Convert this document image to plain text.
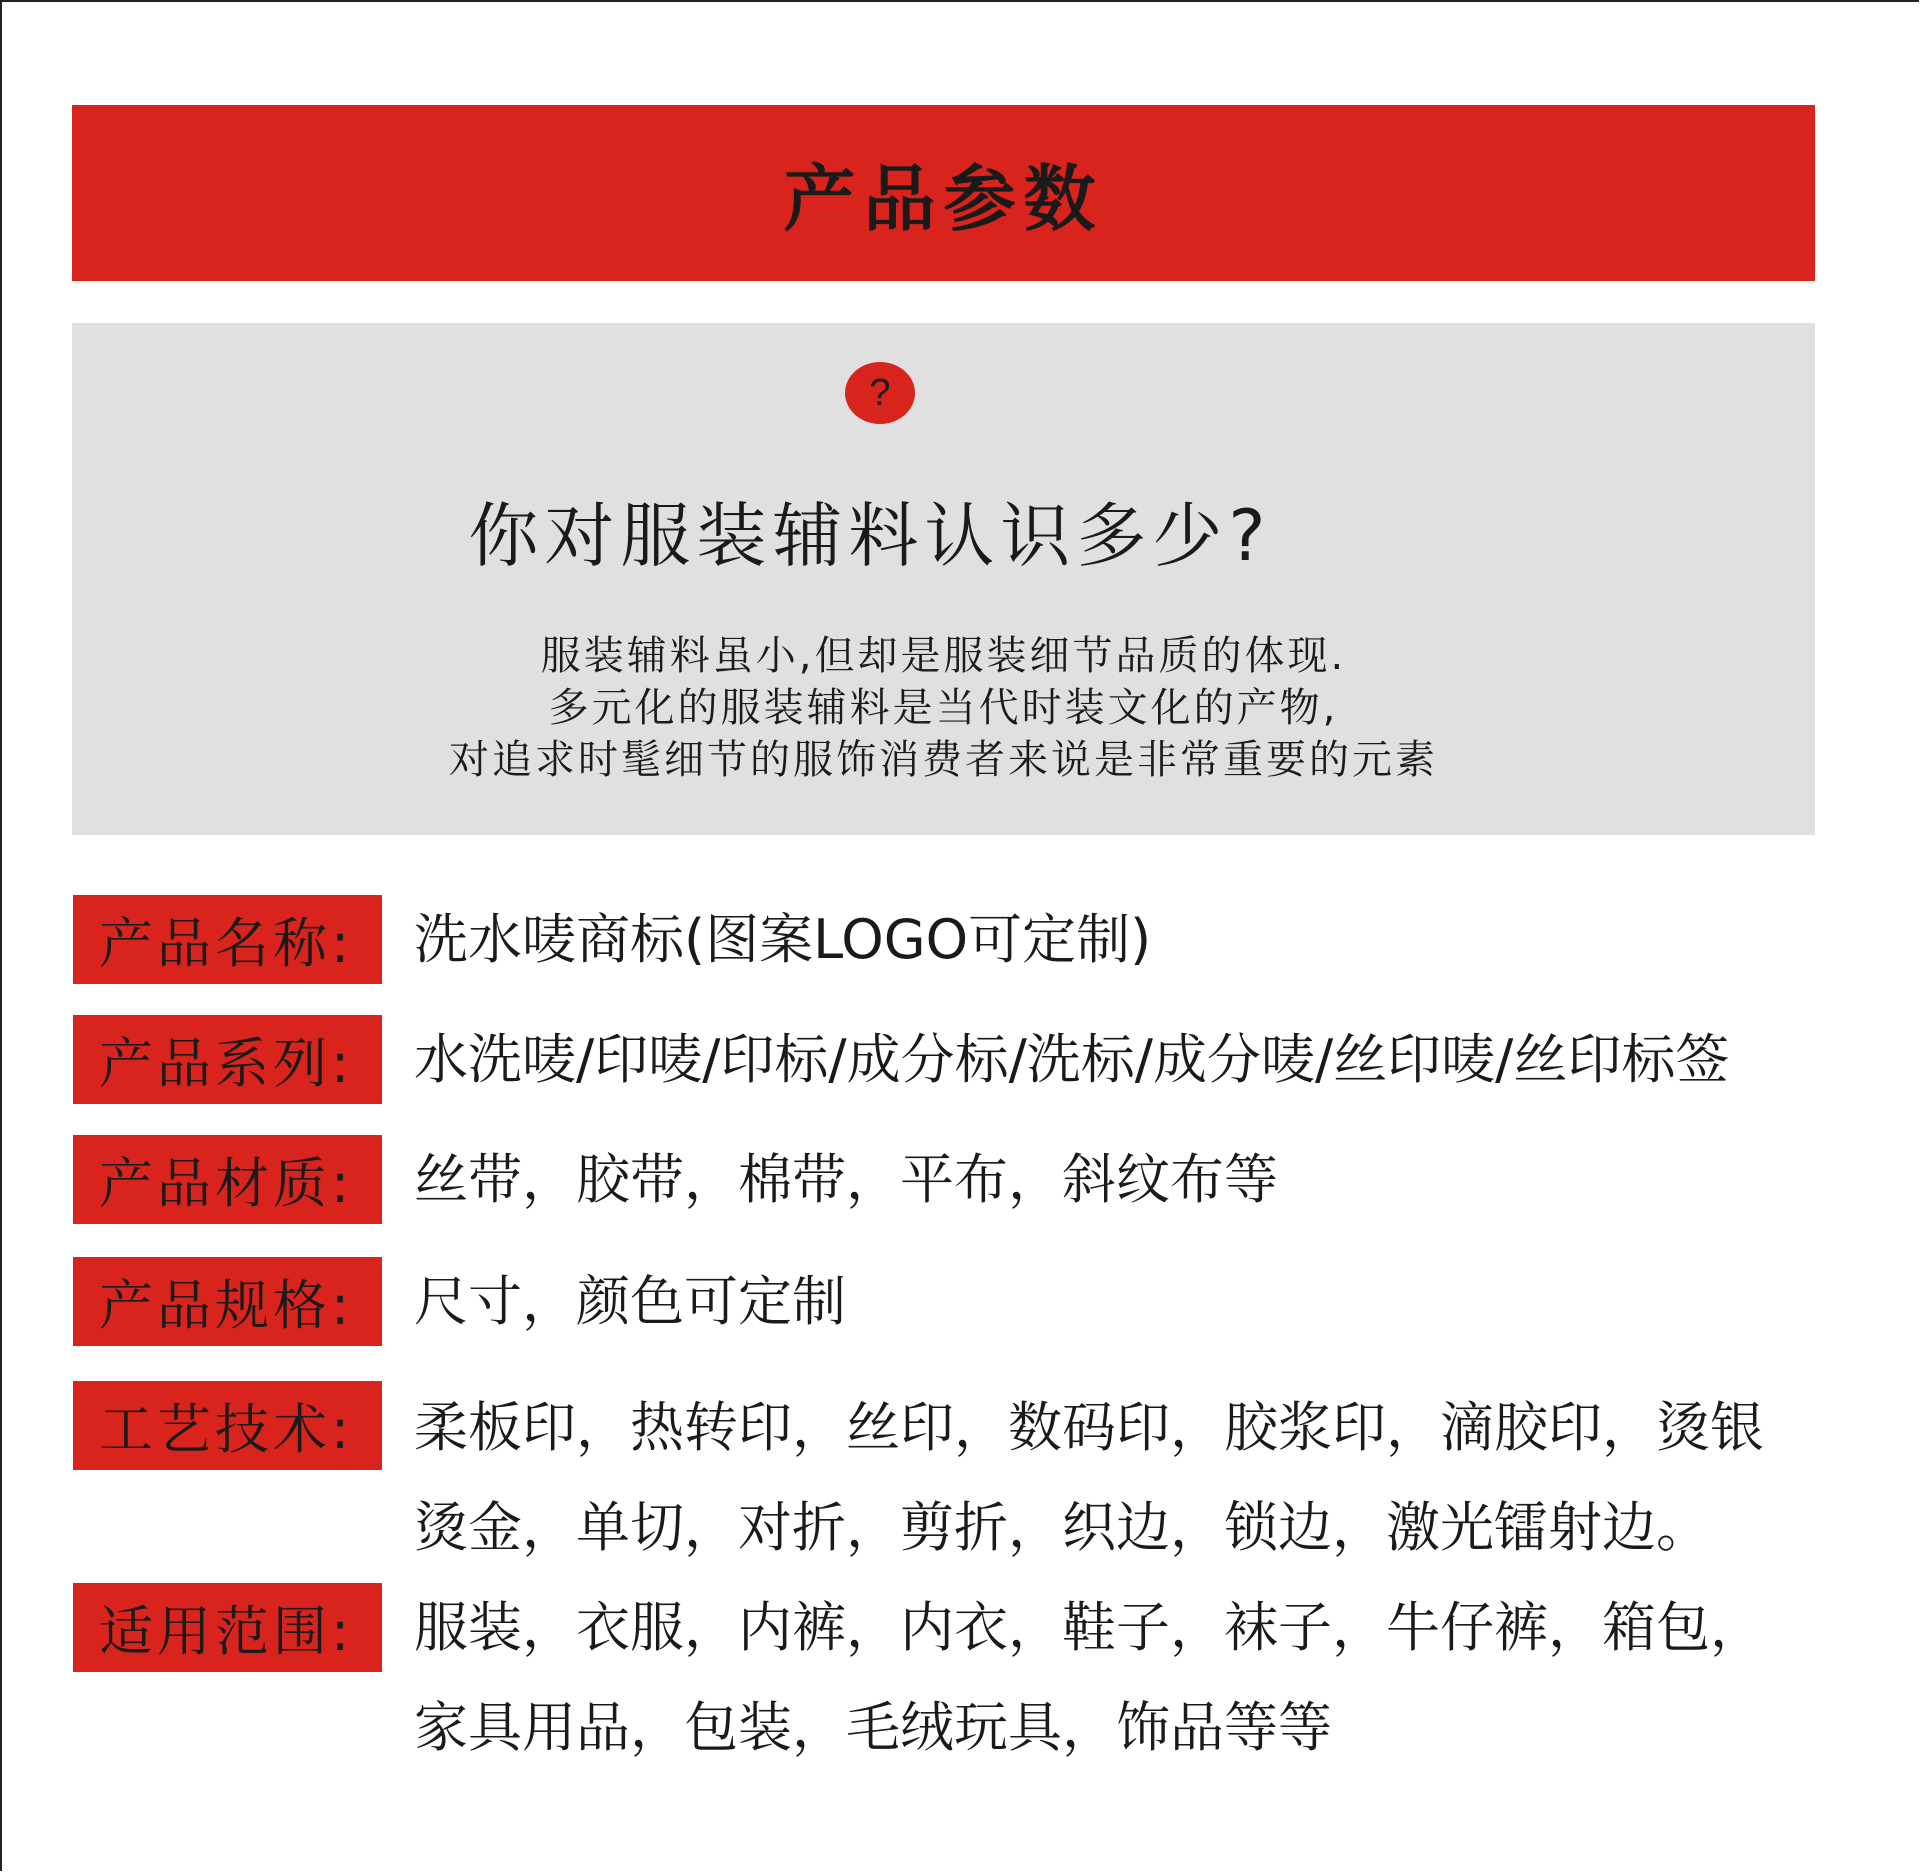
产品参数
?
你对服装辅料认识多少?
服装辅料虽小,但却是服装细节品质的体现.
多元化的服装辅料是当代时装文化的产物,
对追求时髦细节的服饰消费者来说是非常重要的元素
产品名称:	洗水唛商标(图案LOGO可定制)
产品系列:	水洗唛/印唛/印标/成分标/洗标/成分唛/丝印唛/丝印标签
产品材质:	丝带，胶带，棉带，平布，斜纹布等
产品规格:	尺寸，颜色可定制
工艺技术:	柔板印，热转印，丝印，数码印，胶浆印，滴胶印，烫银
烫金，单切，对折，剪折，织边，锁边，激光镭射边。
适用范围:	服装，衣服，内裤，内衣，鞋子，袜子，牛仔裤，箱包，
家具用品，包装，毛绒玩具，饰品等等
